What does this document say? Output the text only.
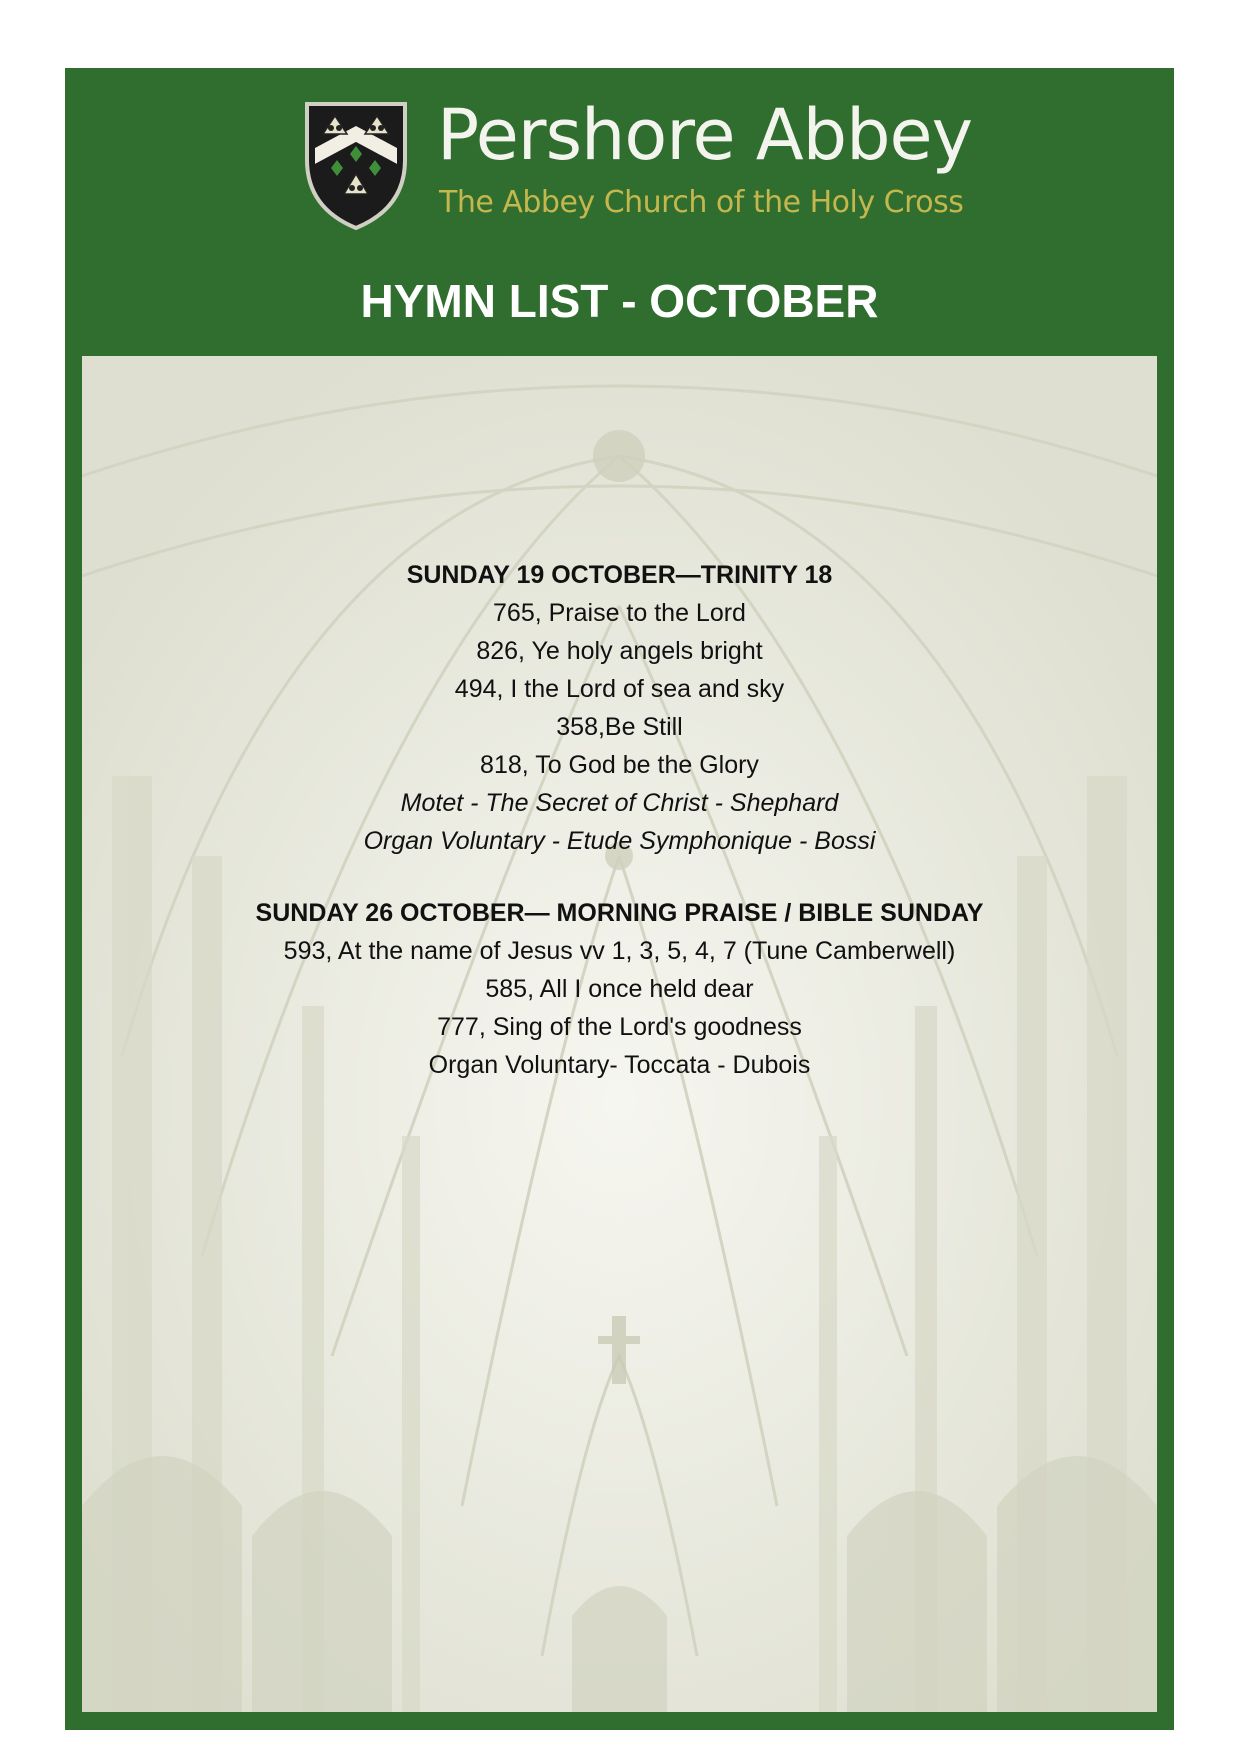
Pershore Abbey
The Abbey Church of the Holy Cross
HYMN LIST - OCTOBER
SUNDAY 19 OCTOBER—TRINITY 18
765, Praise to the Lord
826, Ye holy angels bright
494, I the Lord of sea and sky
358,Be Still
818, To God be the Glory
Motet - The Secret of Christ - Shephard
Organ Voluntary - Etude Symphonique - Bossi
SUNDAY 26 OCTOBER— MORNING PRAISE / BIBLE SUNDAY
593, At the name of Jesus vv 1, 3, 5, 4, 7 (Tune Camberwell)
585, All I once held dear
777, Sing of the Lord's goodness
Organ Voluntary- Toccata - Dubois
